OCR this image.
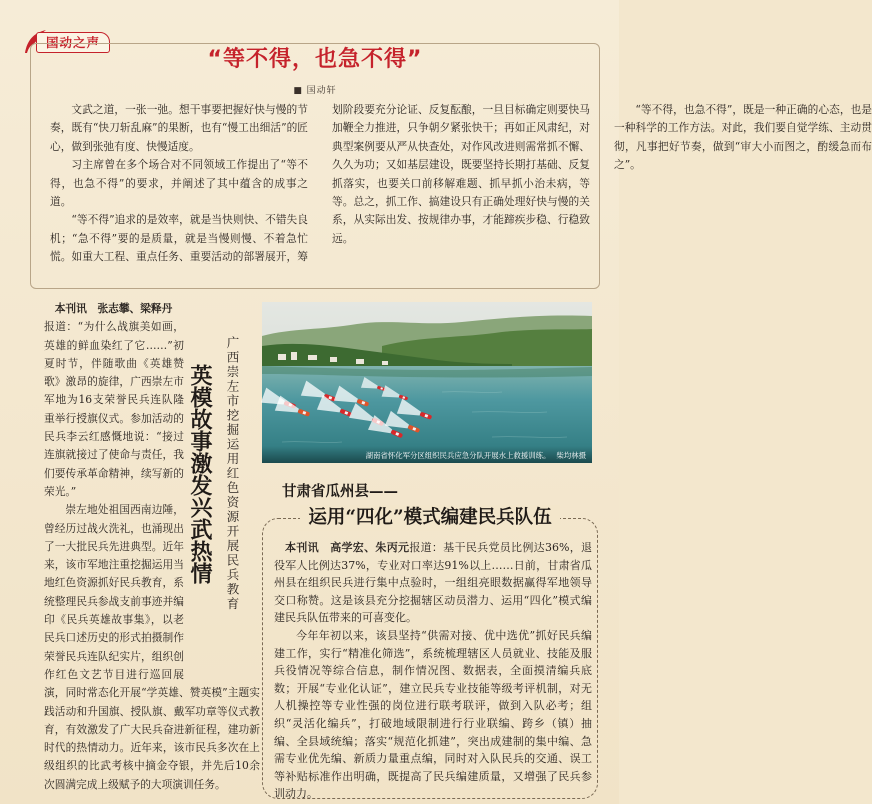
国动之声
“等不得，也急不得”
■ 国动轩

文武之道，一张一弛。想干事要把握好快与慢的节奏，既有“快刀斩乱麻”的果断，也有“慢工出细活”的匠心，做到张弛有度、快慢适度。

习主席曾在多个场合对不同领域工作提出了“等不得，也急不得”的要求，并阐述了其中蕴含的成事之道。

“等不得”追求的是效率，就是当快则快、不错失良机；“急不得”要的是质量，就是当慢则慢、不着急忙慌。如重大工程、重点任务、重要活动的部署展开，筹划阶段要充分论证、反复酝酿，一旦目标确定则要快马加鞭全力推进，只争朝夕紧张快干；再如正风肃纪，对典型案例要从严从快查处，对作风改进则需常抓不懈、久久为功；又如基层建设，既要坚持长期打基础、反复抓落实，也要关口前移解难题、抓早抓小治未病，等等。总之，抓工作、搞建设只有正确处理好快与慢的关系，从实际出发、按规律办事，才能蹄疾步稳、行稳致远。

“等不得，也急不得”，既是一种正确的心态，也是一种科学的工作方法。对此，我们要自觉学练、主动贯彻，凡事把好节奏，做到“审大小而图之，酌缓急而布之”。

本刊讯　张志攀、梁释丹
报道：“为什么战旗美如画，英雄的鲜血染红了它……”初夏时节，伴随歌曲《英雄赞歌》激昂的旋律，广西崇左市军地为16支荣誉民兵连队隆重举行授旗仪式。参加活动的民兵李云红感慨地说：“接过连旗就接过了使命与责任，我们要传承革命精神，续写新的荣光。”

崇左地处祖国西南边陲，曾经历过战火洗礼，也涌现出了一大批民兵先进典型。近年来，该市军地注重挖掘运用当地红色资源抓好民兵教育，系统整理民兵参战支前事迹并编印《民兵英雄故事集》，以老民兵口述历史的形式拍摄制作荣誉民兵连队纪实片，组织创作红色文艺节目进行巡回展演，同时常态化开展“学英雄、赞英模”主题实践活动和升国旗、授队旗、戴军功章等仪式教育，有效激发了广大民兵奋进新征程，建功新时代的热情动力。近年来，该市民兵多次在上级组织的比武考核中摘金夺银，并先后10余次圆满完成上级赋予的大项演训任务。

英模故事激发兴武热情 广西崇左市挖掘运用红色资源开展民兵教育	湖南省怀化军分区组织民兵应急分队开展水上救援训练。 柴均林摄
甘肃省瓜州县——
运用“四化”模式编建民兵队伍

本刊讯　高学宏、朱丙元报道：基干民兵党员比例达36%，退役军人比例达37%，专业对口率达91%以上……日前，甘肃省瓜州县在组织民兵进行集中点验时，一组组亮眼数据赢得军地领导交口称赞。这是该县充分挖掘辖区动员潜力、运用“四化”模式编建民兵队伍带来的可喜变化。

今年年初以来，该县坚持“供需对接、优中选优”抓好民兵编建工作，实行“精准化筛选”，系统梳理辖区人员就业、技能及服兵役情况等综合信息，制作情况图、数据表，全面摸清编兵底数；开展“专业化认证”，建立民兵专业技能等级考评机制，对无人机操控等专业性强的岗位进行联考联评，做到入队必考；组织“灵活化编兵”，打破地域限制进行行业联编、跨乡（镇）抽编、全县域统编；落实“规范化抓建”，突出成建制的集中编、急需专业优先编、新质力量重点编，同时对入队民兵的交通、误工等补贴标准作出明确，既提高了民兵编建质量，又增强了民兵参训动力。
